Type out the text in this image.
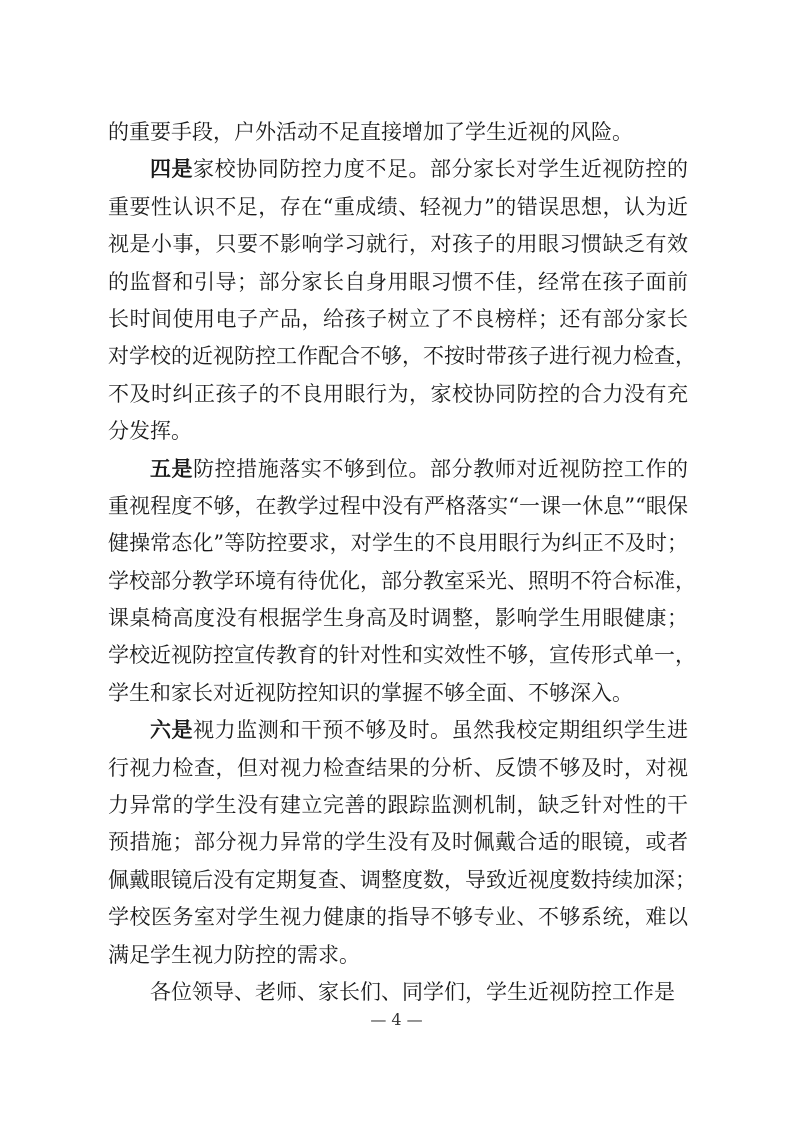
的重要手段，户外活动不足直接增加了学生近视的风险。
四是家校协同防控力度不足。部分家长对学生近视防控的
重要性认识不足，存在“重成绩、轻视力”的错误思想，认为近
视是小事，只要不影响学习就行，对孩子的用眼习惯缺乏有效
的监督和引导；部分家长自身用眼习惯不佳，经常在孩子面前
长时间使用电子产品，给孩子树立了不良榜样；还有部分家长
对学校的近视防控工作配合不够，不按时带孩子进行视力检查，
不及时纠正孩子的不良用眼行为，家校协同防控的合力没有充
分发挥。
五是防控措施落实不够到位。部分教师对近视防控工作的
重视程度不够，在教学过程中没有严格落实“一课一休息”“眼保
健操常态化”等防控要求，对学生的不良用眼行为纠正不及时；
学校部分教学环境有待优化，部分教室采光、照明不符合标准，
课桌椅高度没有根据学生身高及时调整，影响学生用眼健康；
学校近视防控宣传教育的针对性和实效性不够，宣传形式单一，
学生和家长对近视防控知识的掌握不够全面、不够深入。
六是视力监测和干预不够及时。虽然我校定期组织学生进
行视力检查，但对视力检查结果的分析、反馈不够及时，对视
力异常的学生没有建立完善的跟踪监测机制，缺乏针对性的干
预措施；部分视力异常的学生没有及时佩戴合适的眼镜，或者
佩戴眼镜后没有定期复查、调整度数，导致近视度数持续加深；
学校医务室对学生视力健康的指导不够专业、不够系统，难以
满足学生视力防控的需求。
各位领导、老师、家长们、同学们，学生近视防控工作是
— 4 —
